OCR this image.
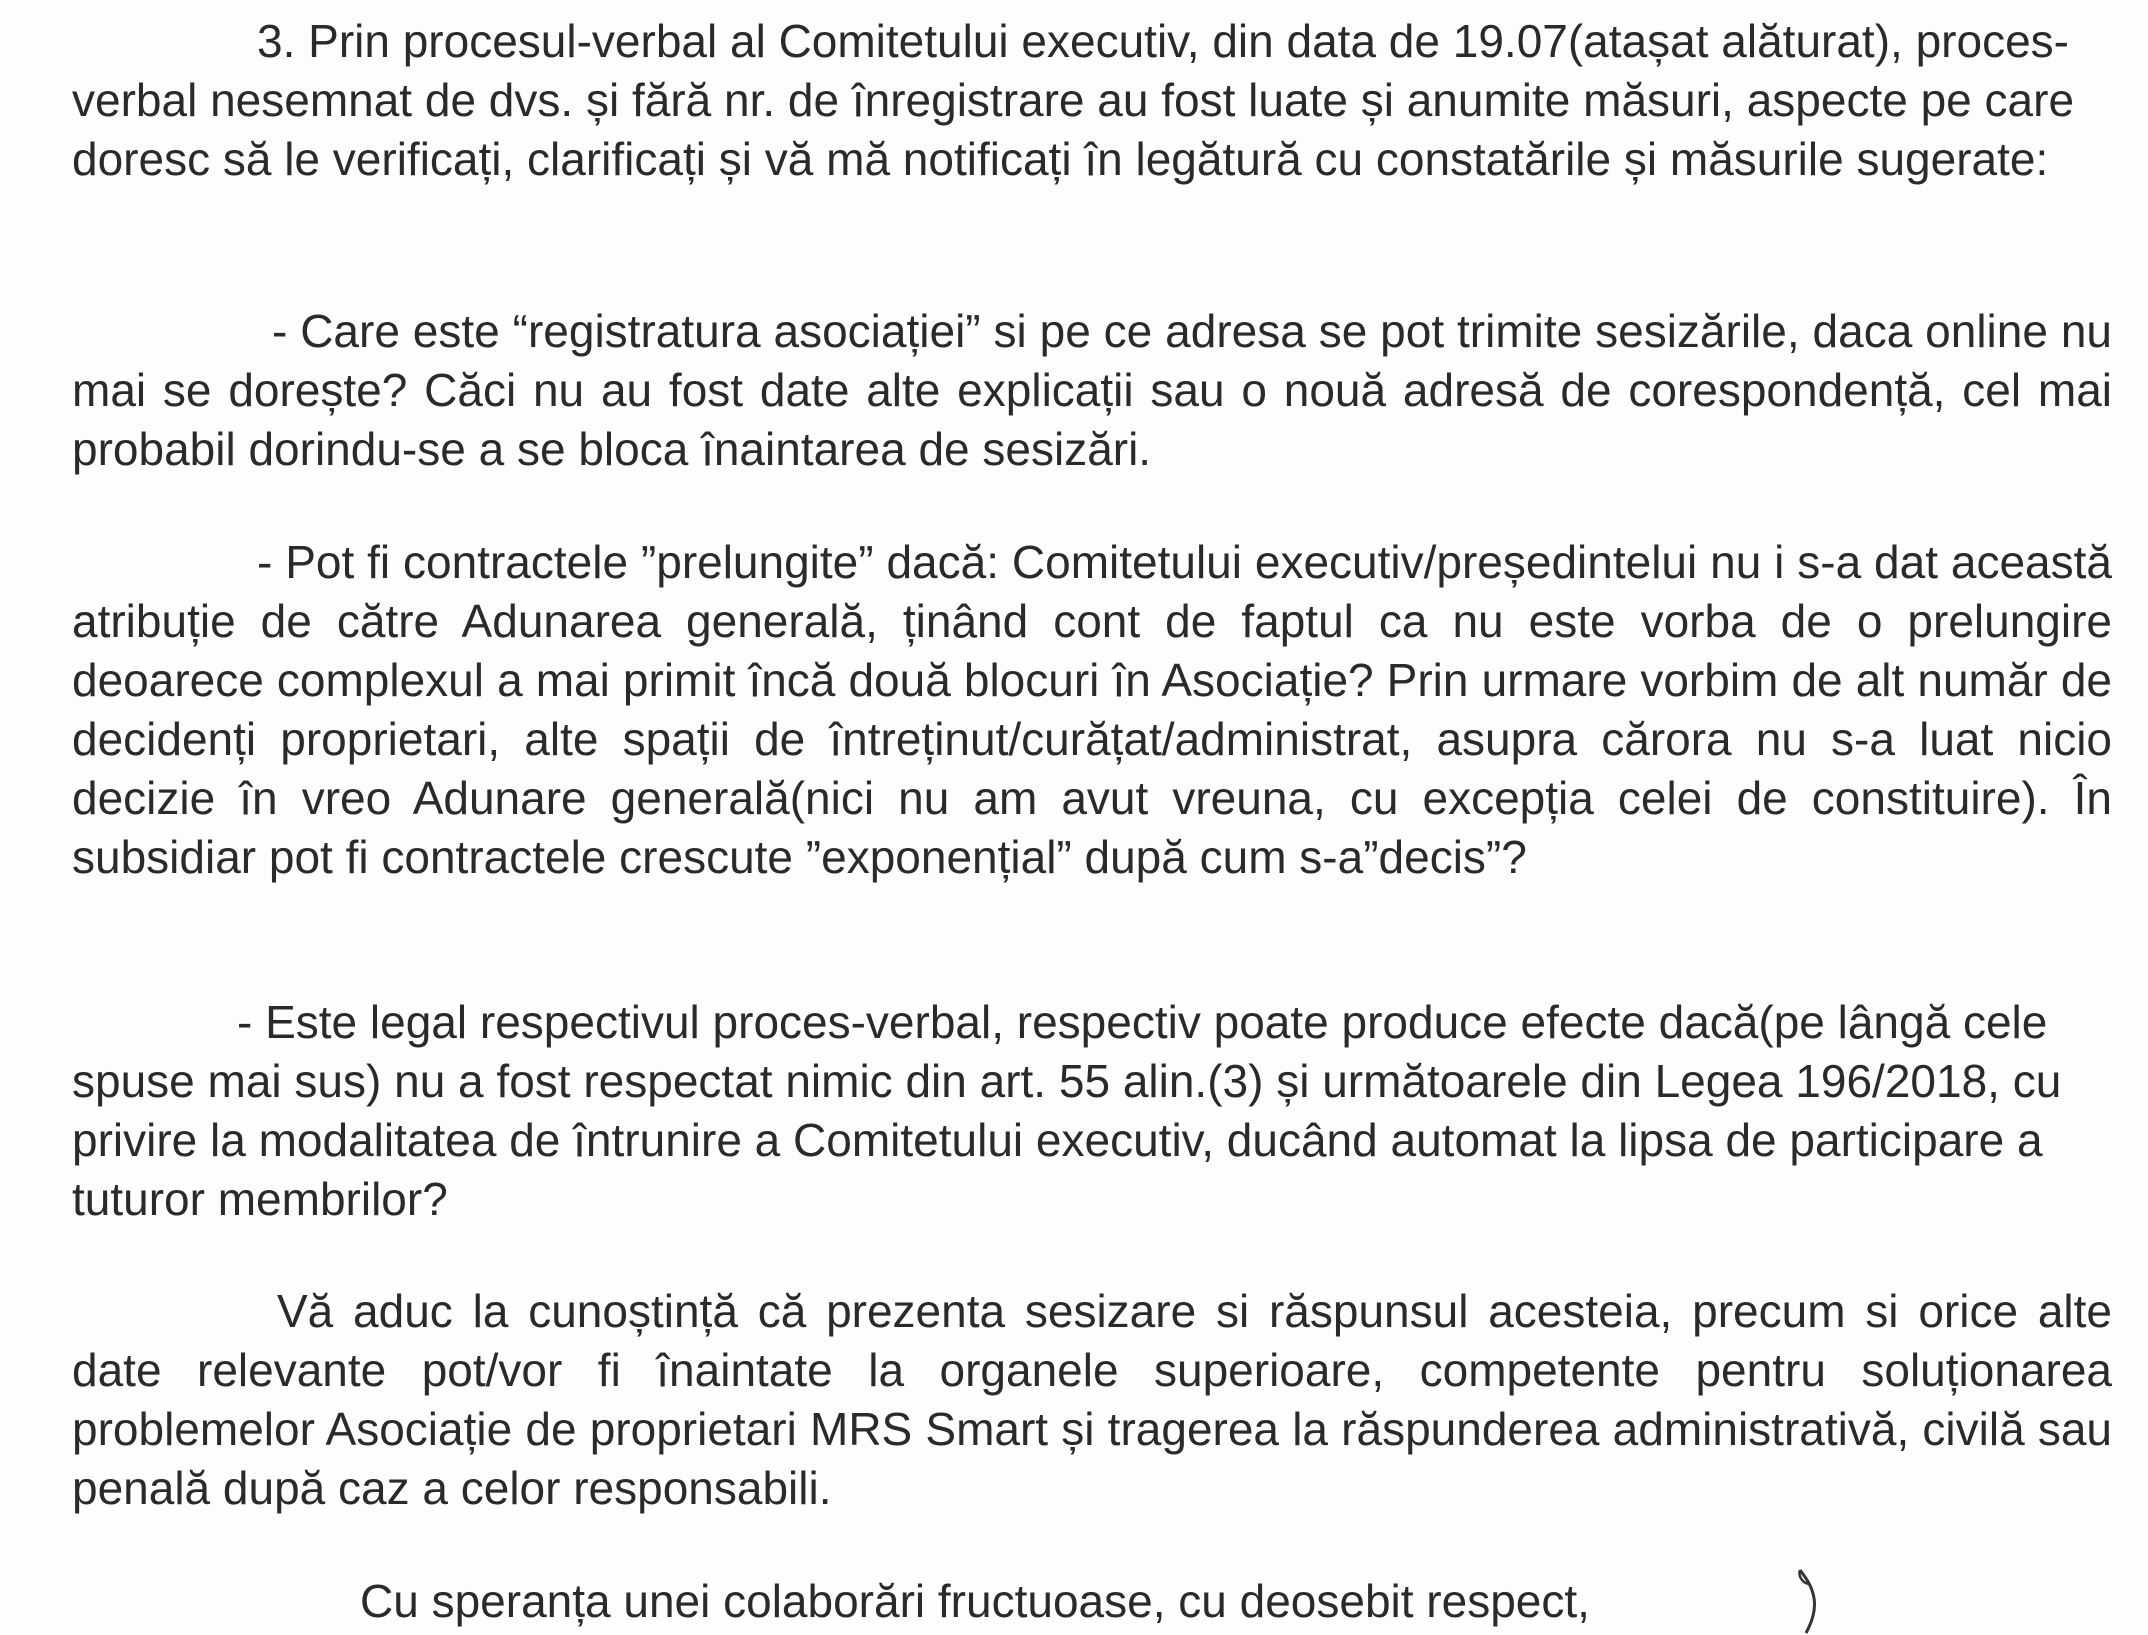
3. Prin procesul-verbal al Comitetului executiv, din data de 19.07(atașat alăturat), proces-verbal nesemnat de dvs. și fără nr. de înregistrare au fost luate și anumite măsuri, aspecte pe care doresc să le verificați, clarificați și vă mă notificați în legătură cu constatările și măsurile sugerate:

- Care este “registratura asociației” si pe ce adresa se pot trimite sesizările, daca online nu mai se dorește? Căci nu au fost date alte explicații sau o nouă adresă de corespondență, cel mai probabil dorindu-se a se bloca înaintarea de sesizări.

- Pot fi contractele ”prelungite” dacă: Comitetului executiv/președintelui nu i s-a dat această atribuție de către Adunarea generală, ținând cont de faptul ca nu este vorba de o prelungire deoarece complexul a mai primit încă două blocuri în Asociație? Prin urmare vorbim de alt număr de decidenți proprietari, alte spații de întreținut/curățat/administrat, asupra cărora nu s-a luat nicio decizie în vreo Adunare generală(nici nu am avut vreuna, cu excepția celei de constituire). În subsidiar pot fi contractele crescute ”exponențial” după cum s-a”decis”?

- Este legal respectivul proces-verbal, respectiv poate produce efecte dacă(pe lângă cele spuse mai sus) nu a fost respectat nimic din art. 55 alin.(3) și următoarele din Legea 196/2018, cu privire la modalitatea de întrunire a Comitetului executiv, ducând automat la lipsa de participare a tuturor membrilor?

Vă aduc la cunoștință că prezenta sesizare si răspunsul acesteia, precum si orice alte date relevante pot/vor fi înaintate la organele superioare, competente pentru soluționarea problemelor Asociație de proprietari MRS Smart și tragerea la răspunderea administrativă, civilă sau penală după caz a celor responsabili.

Cu speranța unei colaborări fructuoase, cu deosebit respect,
